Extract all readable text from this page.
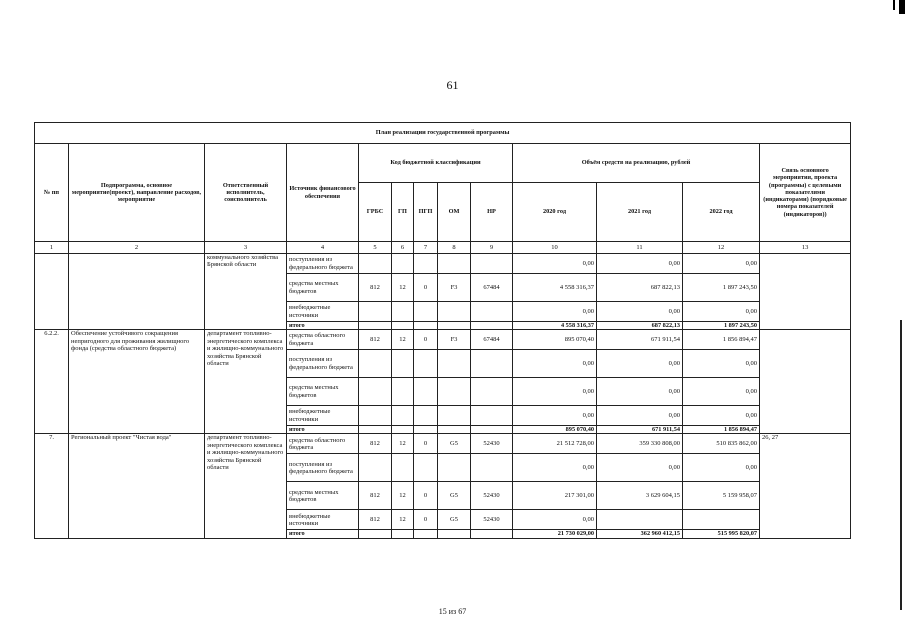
61
План реализации государственной программы												
№ пп	Подпрограмма, основное мероприятие(проект), направление расходов, мероприятие	Ответственный исполнитель, соисполнитель	Источник финансового обеспечения	Код бюджетной классификации					Объём средств на реализацию, рублей			Связь основного мероприятия, проекта (программы) с целевыми показателями (индикаторами) (порядковые номера показателей (индикаторов))
				ГРБС	ГП	ПГП	ОМ	НР	2020 год	2021 год	2022 год	
1	2	3	4	5	6	7	8	9	10	11	12	13
		коммунального хозяйства Брянской области	поступления из федерального бюджета						0,00	0,00	0,00	
			средства местных бюджетов	812	12	0	F3	67484	4 558 316,37	687 822,13	1 897 243,50	
			внебюджетные источники						0,00	0,00	0,00	
			итого						4 558 316,37	687 822,13	1 897 243,50	
6.2.2.	Обеспечение устойчивого сокращения непригодного для проживания жилищного фонда (средства областного бюджета)	департамент топливно-энергетического комплекса и жилищно-коммунального хозяйства Брянской области	средства областного бюджета	812	12	0	F3	67484	895 070,40	671 911,54	1 856 894,47	
			поступления из федерального бюджета						0,00	0,00	0,00	
			средства местных бюджетов						0,00	0,00	0,00	
			внебюджетные источники						0,00	0,00	0,00	
			итого						895 070,40	671 911,54	1 856 894,47	
7.	Региональный проект "Чистая вода"	департамент топливно-энергетического комплекса и жилищно-коммунального хозяйства Брянской области	средства областного бюджета	812	12	0	G5	52430	21 512 728,00	359 330 808,00	510 835 862,00	26, 27
			поступления из федерального бюджета						0,00	0,00	0,00	
			средства местных бюджетов	812	12	0	G5	52430	217 301,00	3 629 604,15	5 159 958,07	
			внебюджетные источники	812	12	0	G5	52430	0,00			
			итого						21 730 029,00	362 960 412,15	515 995 820,07	
15 из 67
